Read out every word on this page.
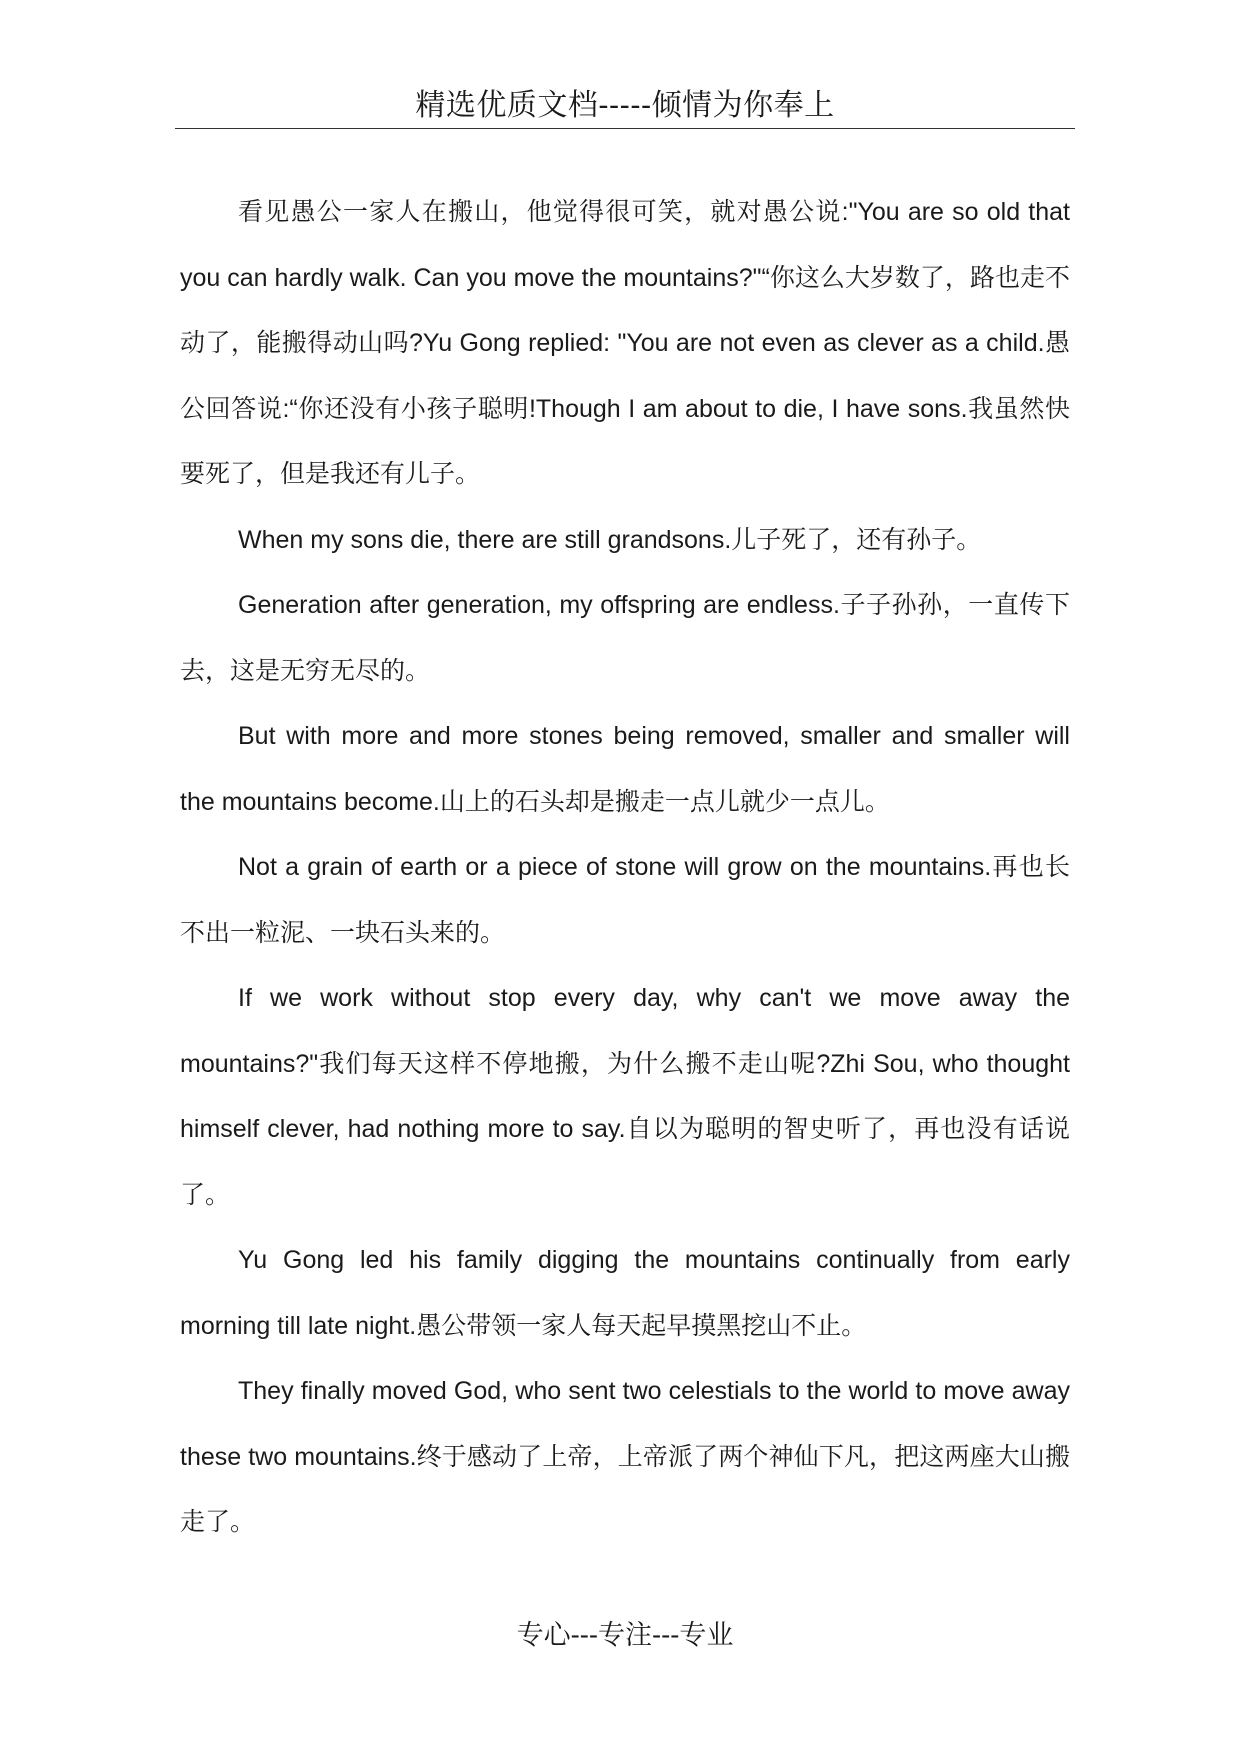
精选优质文档-----倾情为你奉上

看见愚公一家人在搬山，他觉得很可笑，就对愚公说:"You are so old that you can hardly walk. Can you move the mountains?"“你这么大岁数了，路也走不动了，能搬得动山吗?Yu Gong replied: "You are not even as clever as a child.愚公回答说:“你还没有小孩子聪明!Though I am about to die, I have sons.我虽然快要死了，但是我还有儿子。

When my sons die, there are still grandsons.儿子死了，还有孙子。

Generation after generation, my offspring are endless.子子孙孙，一直传下去，这是无穷无尽的。

But with more and more stones being removed, smaller and smaller will the mountains become.山上的石头却是搬走一点儿就少一点儿。

Not a grain of earth or a piece of stone will grow on the mountains.再也长不出一粒泥、一块石头来的。

If we work without stop every day, why can't we move away the mountains?"我们每天这样不停地搬，为什么搬不走山呢?Zhi Sou, who thought himself clever, had nothing more to say.自以为聪明的智史听了，再也没有话说了。

Yu Gong led his family digging the mountains continually from early morning till late night.愚公带领一家人每天起早摸黑挖山不止。

They finally moved God, who sent two celestials to the world to move away these two mountains.终于感动了上帝，上帝派了两个神仙下凡，把这两座大山搬走了。

专心---专注---专业
